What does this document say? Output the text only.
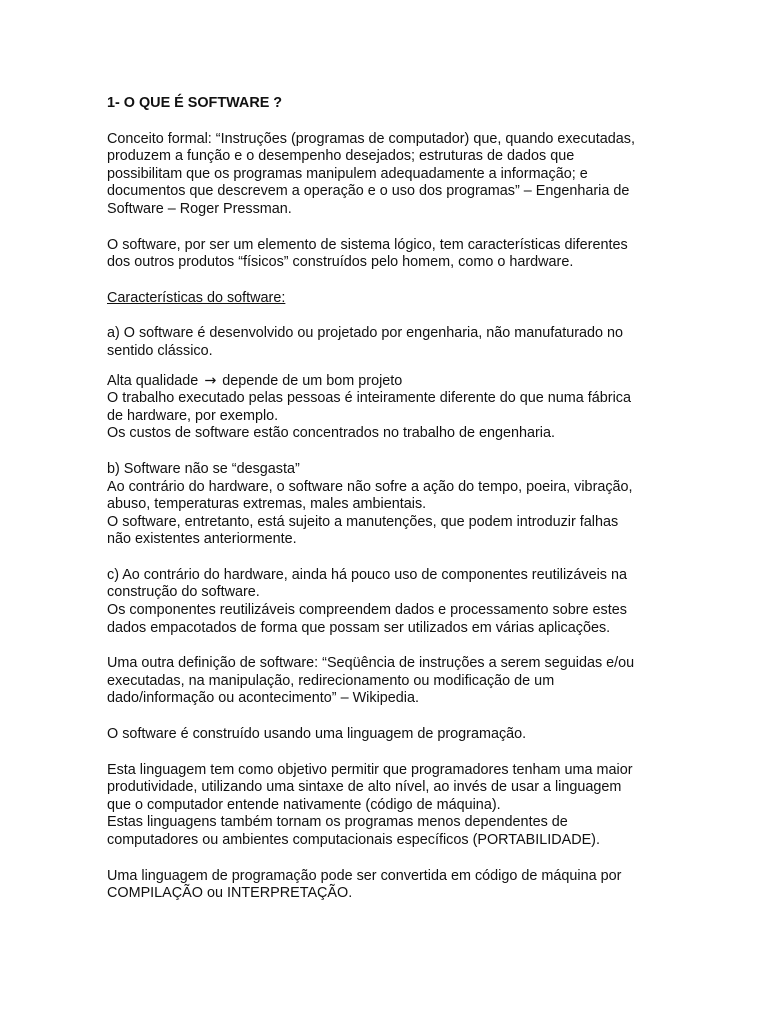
1- O QUE É SOFTWARE ?
Conceito formal: “Instruções (programas de computador) que, quando executadas,
produzem a função e o desempenho desejados; estruturas de dados que
possibilitam que os programas manipulem adequadamente a informação; e
documentos que descrevem a operação e o uso dos programas” – Engenharia de
Software – Roger Pressman.
O software, por ser um elemento de sistema lógico, tem características diferentes
dos outros produtos “físicos” construídos pelo homem, como o hardware.
Características do software:
a) O software é desenvolvido ou projetado por engenharia, não manufaturado no
sentido clássico.
Alta qualidade → depende de um bom projeto
O trabalho executado pelas pessoas é inteiramente diferente do que numa fábrica
de hardware, por exemplo.
Os custos de software estão concentrados no trabalho de engenharia.
b) Software não se “desgasta”
Ao contrário do hardware, o software não sofre a ação do tempo, poeira, vibração,
abuso, temperaturas extremas, males ambientais.
O software, entretanto, está sujeito a manutenções, que podem introduzir falhas
não existentes anteriormente.
c) Ao contrário do hardware, ainda há pouco uso de componentes reutilizáveis na
construção do software.
Os componentes reutilizáveis compreendem dados e processamento sobre estes
dados empacotados de forma que possam ser utilizados em várias aplicações.
Uma outra definição de software: “Seqüência de instruções a serem seguidas e/ou
executadas, na manipulação, redirecionamento ou modificação de um
dado/informação ou acontecimento” – Wikipedia.
O software é construído usando uma linguagem de programação.
Esta linguagem tem como objetivo permitir que programadores tenham uma maior
produtividade, utilizando uma sintaxe de alto nível, ao invés de usar a linguagem
que o computador entende nativamente (código de máquina).
Estas linguagens também tornam os programas menos dependentes de
computadores ou ambientes computacionais específicos (PORTABILIDADE).
Uma linguagem de programação pode ser convertida em código de máquina por
COMPILAÇÃO ou INTERPRETAÇÃO.
